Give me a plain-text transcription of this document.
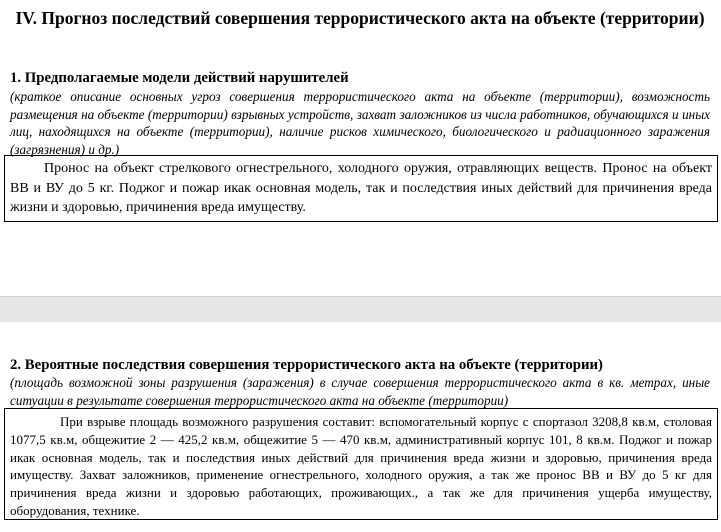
IV. Прогноз последствий совершения террористического акта на объекте (территории)
1. Предполагаемые модели действий нарушителей
(краткое описание основных угроз совершения террористического акта на объекте (территории), возможность размещения на объекте (территории) взрывных устройств, захват заложников из числа работников, обучающихся и иных лиц, находящихся на объекте (территории), наличие рисков химического, биологического и радиационного заражения (загрязнения) и др.)
Пронос на объект стрелкового огнестрельного, холодного оружия, отравляющих веществ. Пронос на объект ВВ и ВУ до 5 кг. Поджог и пожар икак основная модель, так и последствия иных действий для причинения вреда жизни и здоровью, причинения вреда имуществу.
2. Вероятные последствия совершения террористического акта на объекте (территории)
(площадь возможной зоны разрушения (заражения) в случае совершения террористического акта в кв. метрах, иные ситуации в результате совершения террористического акта на объекте (территории)
При взрыве площадь возможного разрушения составит: вспомогательный корпус с спортазол 3208,8 кв.м, столовая 1077,5 кв.м, общежитие 2 — 425,2 кв.м, общежитие 5 — 470 кв.м, административный корпус 101, 8 кв.м. Поджог и пожар икак основная модель, так и последствия иных действий для причинения вреда жизни и здоровью, причинения вреда имуществу. Захват заложников, применение огнестрельного, холодного оружия, а так же пронос ВВ и ВУ до 5 кг для причинения вреда жизни и здоровью работающих, проживающих., а так же для причинения ущерба имуществу, оборудования, технике.
